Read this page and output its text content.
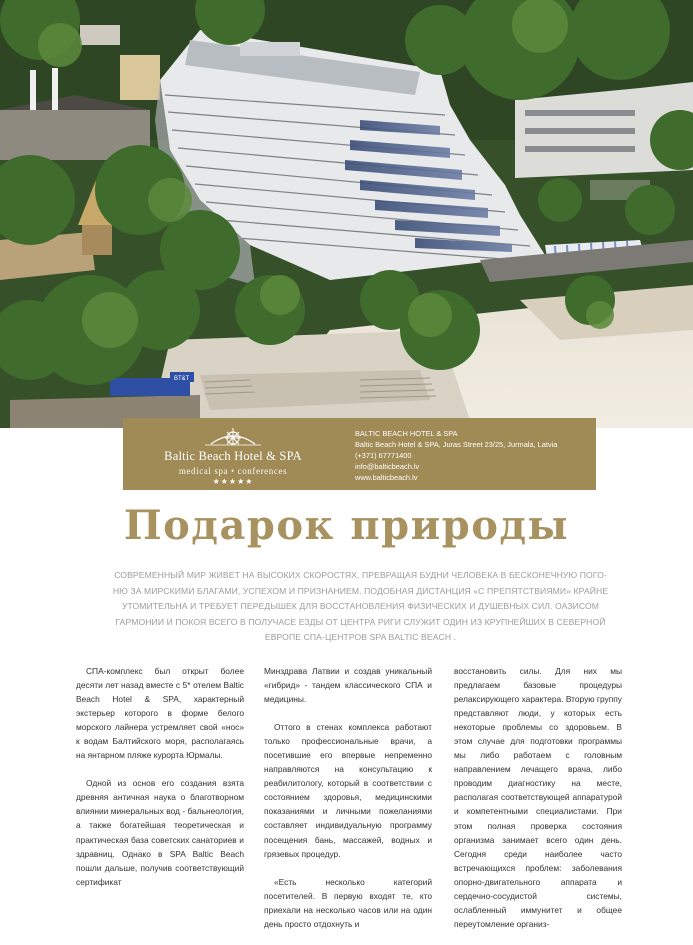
BT&T
Baltic Beach Hotel & SPA
medical spa • conferences
★★★★★
BALTIC BEACH HOTEL & SPA
Baltic Beach Hotel & SPA, Juras Street 23/25, Jurmala, Latvia
(+371) 67771400
info@balticbeach.lv
www.balticbeach.lv
Подарок природы
СОВРЕМЕННЫЙ МИР ЖИВЕТ НА ВЫСОКИХ СКОРОСТЯХ, ПРЕВРАЩАЯ БУДНИ ЧЕЛОВЕКА В БЕСКОНЕЧНУЮ ПОГО-
НЮ ЗА МИРСКИМИ БЛАГАМИ, УСПЕХОМ И ПРИЗНАНИЕМ. ПОДОБНАЯ ДИСТАНЦИЯ «С ПРЕПЯТСТВИЯМИ» КРАЙНЕ
УТОМИТЕЛЬНА И ТРЕБУЕТ ПЕРЕДЫШЕК ДЛЯ ВОССТАНОВЛЕНИЯ ФИЗИЧЕСКИХ И ДУШЕВНЫХ СИЛ. ОАЗИСОМ
ГАРМОНИИ И ПОКОЯ ВСЕГО В ПОЛУЧАСЕ ЕЗДЫ ОТ ЦЕНТРА РИГИ СЛУЖИТ ОДИН ИЗ КРУПНЕЙШИХ В СЕВЕРНОЙ
ЕВРОПЕ СПА-ЦЕНТРОВ SPA BALTIC BEACH .

СПА-комплекс был открыт более десяти лет назад вместе с 5* отелем Baltic Beach Hotel & SPA, характерный экстерьер которого в форме белого морского лайнера устремляет свой «нос» к водам Балтийского моря, располагаясь на янтарном пляже курорта Юрмалы.

Одной из основ его создания взята древняя античная наука о благотворном влиянии минеральных вод - бальнеология, а также богатейшая теоретическая и практическая база советских санаториев и здравниц. Однако в SPA Baltic Beach пошли дальше, получив соответствующий сертификат

Минздрава Латвии и создав уникальный «гибрид» - тандем классического СПА и медицины.

Оттого в стенах комплекса работают только профессиональные врачи, а посетившие его впервые непременно направляются на консультацию к реабилитологу, который в соответствии с состоянием здоровья, медицинскими показаниями и личными пожеланиями составляет индивидуальную программу посещения бань, массажей, водных и грязевых процедур.

«Есть несколько категорий посетителей. В первую входят те, кто приехали на несколько часов или на один день просто отдохнуть и

восстановить силы. Для них мы предлагаем базовые процедуры релаксирующего характера. Вторую группу представляют люди, у которых есть некоторые проблемы со здоровьем. В этом случае для подготовки программы мы либо работаем с головным направлением лечащего врача, либо проводим диагностику на месте, располагая соответствующей аппаратурой и компетентными специалистами. При этом полная проверка состояния организма занимает всего один день. Сегодня среди наиболее часто встречающихся проблем: заболевания опорно-двигательного аппарата и сердечно-сосудистой системы, ослабленный иммунитет и общее переутомление организ-
